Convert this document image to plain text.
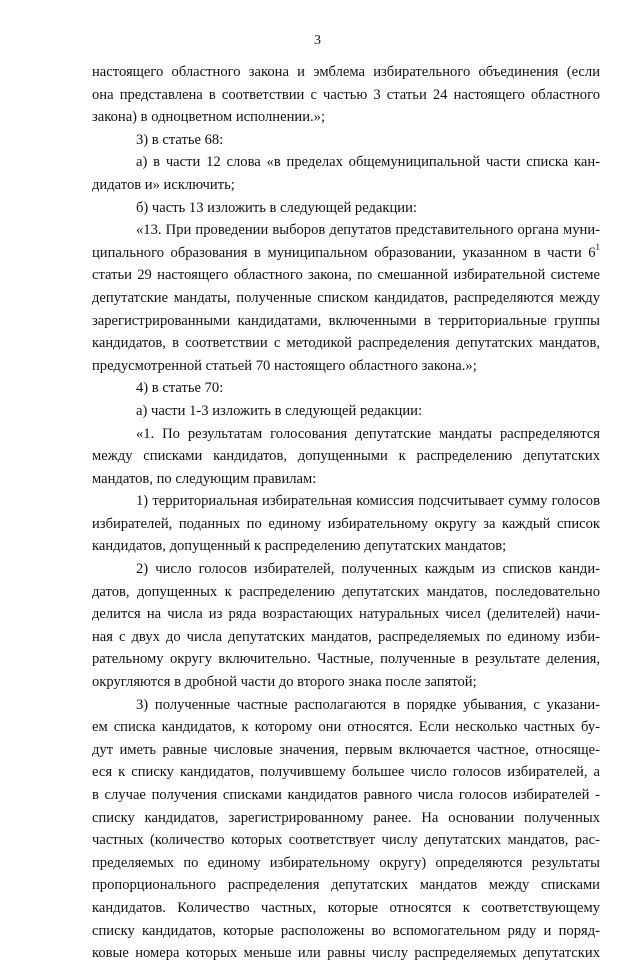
3
настоящего областного закона и эмблема избирательного объединения (если
она представлена в соответствии с частью 3 статьи 24 настоящего областного
закона) в одноцветном исполнении.»;
3) в статье 68:
а) в части 12 слова «в пределах общемуниципальной части списка кан-
дидатов и» исключить;
б) часть 13 изложить в следующей редакции:
«13. При проведении выборов депутатов представительного органа муни-
ципального образования в муниципальном образовании, указанном в части $6^1$
статьи 29 настоящего областного закона, по смешанной избирательной системе
депутатские мандаты, полученные списком кандидатов, распределяются между
зарегистрированными кандидатами, включенными в территориальные группы
кандидатов, в соответствии с методикой распределения депутатских мандатов,
предусмотренной статьей 70 настоящего областного закона.»;
4) в статье 70:
а) части 1-3 изложить в следующей редакции:
«1. По результатам голосования депутатские мандаты распределяются
между списками кандидатов, допущенными к распределению депутатских
мандатов, по следующим правилам:
1) территориальная избирательная комиссия подсчитывает сумму голосов
избирателей, поданных по единому избирательному округу за каждый список
кандидатов, допущенный к распределению депутатских мандатов;
2) число голосов избирателей, полученных каждым из списков канди-
датов, допущенных к распределению депутатских мандатов, последовательно
делится на числа из ряда возрастающих натуральных чисел (делителей) начи-
ная с двух до числа депутатских мандатов, распределяемых по единому изби-
рательному округу включительно. Частные, полученные в результате деления,
округляются в дробной части до второго знака после запятой;
3) полученные частные располагаются в порядке убывания, с указани-
ем списка кандидатов, к которому они относятся. Если несколько частных бу-
дут иметь равные числовые значения, первым включается частное, относяще-
еся к списку кандидатов, получившему большее число голосов избирателей, а
в случае получения списками кандидатов равного числа голосов избирателей -
списку кандидатов, зарегистрированному ранее. На основании полученных
частных (количество которых соответствует числу депутатских мандатов, рас-
пределяемых по единому избирательному округу) определяются результаты
пропорционального распределения депутатских мандатов между списками
кандидатов. Количество частных, которые относятся к соответствующему
списку кандидатов, которые расположены во вспомогательном ряду и поряд-
ковые номера которых меньше или равны числу распределяемых депутатских
